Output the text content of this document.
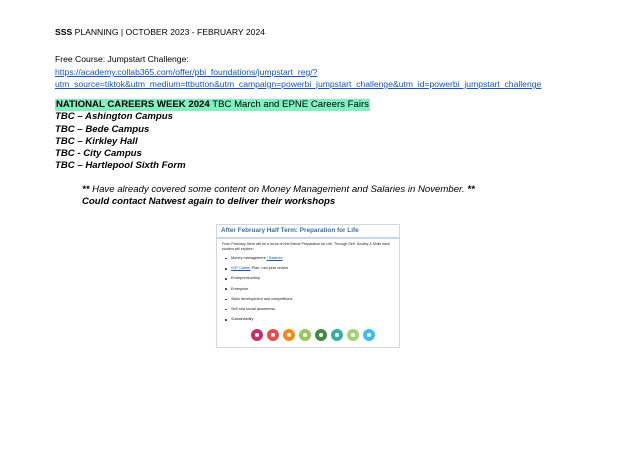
SSS PLANNING | OCTOBER 2023 - FEBRUARY 2024
Free Course: Jumpstart Challenge:
https://academy.collab365.com/offer/pbi_foundations/jumpstart_reg/?utm_source=tiktok&utm_medium=ttbutton&utm_campaign=powerbi_jumpstart_challenge&utm_id=powerbi_jumpstart_challenge
NATIONAL CAREERS WEEK 2024 TBC March and EPNE Careers Fairs
TBC – Ashington Campus
TBC – Bede Campus
TBC – Kirkley Hall
TBC - City Campus
TBC – Hartlepool Sixth Form
** Have already covered some content on Money Management and Salaries in November. **
Could contact Natwest again to deliver their workshops
After February Half Term: Preparation for Life
From February there will be a focus on the theme Preparation for Life. Through Self, Society & Skills each student will explore:
Money management / Salaries
SJP Career Plan: mid-year review
Entrepreneurship
Enterprise
Skills development and competitions
Self and social awareness
Sustainability
